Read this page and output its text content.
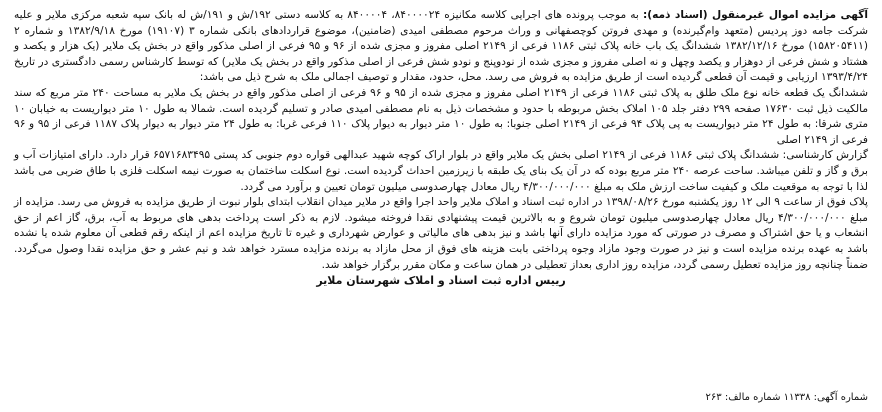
آگهی مزایده اموال غیرمنقول (اسناد ذمه): به موجب پرونده های اجرایی کلاسه مکانیزه ۸۴۰۰۰۰۲۴، ۸۴۰۰۰۰۴ به کلاسه دستی ۱۹۲/ش و ۱۹۱/ش له بانک سپه شعبه مرکزی ملایر و علیه شرکت جامه دوز پردیس (متعهد وام‌گیرنده) و مهدی فروتن کوچصفهانی و وراث مرحوم مصطفی امیدی (ضامنین)، موضوع قراردادهای بانکی شماره ۳ (۱۹۱۰۷) مورخ ۱۳۸۲/۹/۱۸ و شماره ۲ (۱۵۸۲۰۵۴۱۱) مورخ ۱۳۸۲/۱۲/۱۶ ششدانگ یک باب خانه پلاک ثبتی ۱۱۸۶ فرعی از ۲۱۴۹ اصلی مفروز و مجزی شده از ۹۶ و ۹۵ فرعی از اصلی مذکور واقع در بخش یک ملایر (یک هزار و یکصد و هشتاد و شش فرعی از دوهزار و یکصد وچهل و نه اصلی مفروز و مجزی شده از نودوپنج و نودو شش فرعی از اصلی مذکور واقع در بخش یک ملایر) که توسط کارشناس رسمی دادگستری در تاریخ ۱۳۹۳/۴/۲۴ ارزیابی و قیمت آن قطعی گردیده است از طریق مزایده به فروش می رسد. محل، حدود، مقدار و توصیف اجمالی ملک به شرح ذیل می باشد:

ششدانگ یک قطعه خانه نوع ملک طلق به پلاک ثبتی ۱۱۸۶ فرعی از ۲۱۴۹ اصلی مفروز و مجزی شده از ۹۵ و ۹۶ فرعی از اصلی مذکور واقع در بخش یک ملایر به مساحت ۲۴۰ متر مربع که سند مالکیت ذیل ثبت ۱۷۶۳۰ صفحه ۲۹۹ دفتر جلد ۱۰۵ املاک بخش مربوطه با حدود و مشخصات ذیل به نام مصطفی امیدی صادر و تسلیم گردیده است. شمالا به طول ۱۰ متر دیواریست به خیابان ۱۰ متری شرقا: به طول ۲۴ متر دیواریست به پی پلاک ۹۴ فرعی از ۲۱۴۹ اصلی جنوبا: به طول ۱۰ متر دیوار به دیوار پلاک ۱۱۰ فرعی غربا: به طول ۲۴ متر دیوار به دیوار پلاک ۱۱۸۷ فرعی از ۹۵ و ۹۶ فرعی از ۲۱۴۹ اصلی

گزارش کارشناسی: ششدانگ پلاک ثبتی ۱۱۸۶ فرعی از ۲۱۴۹ اصلی بخش یک ملایر واقع در بلوار اراک کوچه شهید عبدالهی قواره دوم جنوبی کد پستی ۶۵۷۱۶۸۳۴۹۵ قرار دارد. دارای امتیازات آب و برق و گاز و تلفن میباشد. ساحت عرصه ۲۴۰ متر مربع بوده که در آن یک بنای یک طبقه با زیرزمین احداث گردیده است. نوع اسکلت ساختمان به صورت نیمه اسکلت فلزی با طاق ضربی می باشد لذا با توجه به موقعیت ملک و کیفیت ساخت ارزش ملک به مبلغ ۴/۳۰۰/۰۰۰/۰۰۰ ریال معادل چهارصدوسی میلیون تومان تعیین و برآورد می گردد.

پلاک فوق از ساعت ۹ الی ۱۲ روز یکشنبه مورخ ۱۳۹۸/۰۸/۲۶ در اداره ثبت اسناد و املاک ملایر واحد اجرا واقع در ملایر میدان انقلاب ابتدای بلوار نبوت از طریق مزایده به فروش می رسد. مزایده از مبلغ ۴/۳۰۰/۰۰۰/۰۰۰ ریال معادل چهارصدوسی میلیون تومان شروع و به بالاترین قیمت پیشنهادی نقدا فروخته میشود. لازم به ذکر است پرداخت بدهی های مربوط به آب، برق، گاز اعم از حق انشعاب و یا حق اشتراک و مصرف در صورتی که مورد مزایده دارای آنها باشد و نیز بدهی های مالیاتی و عوارض شهرداری و غیره تا تاریخ مزایده اعم از اینکه رقم قطعی آن معلوم شده یا نشده باشد به عهده برنده مزایده است و نیز در صورت وجود مازاد وجوه پرداختی بابت هزینه های فوق از محل مازاد به برنده مزایده مسترد خواهد شد و نیم عشر و حق مزایده نقدا وصول می‌گردد. ضمناً چنانچه روز مزایده تعطیل رسمی گردد، مزایده روز اداری بعداز تعطیلی در همان ساعت و مکان مقرر برگزار خواهد شد.

رییس اداره ثبت اسناد و املاک شهرستان ملایر

شماره آگهی: ۱۱۳۳۸ شماره مالف: ۲۶۳
